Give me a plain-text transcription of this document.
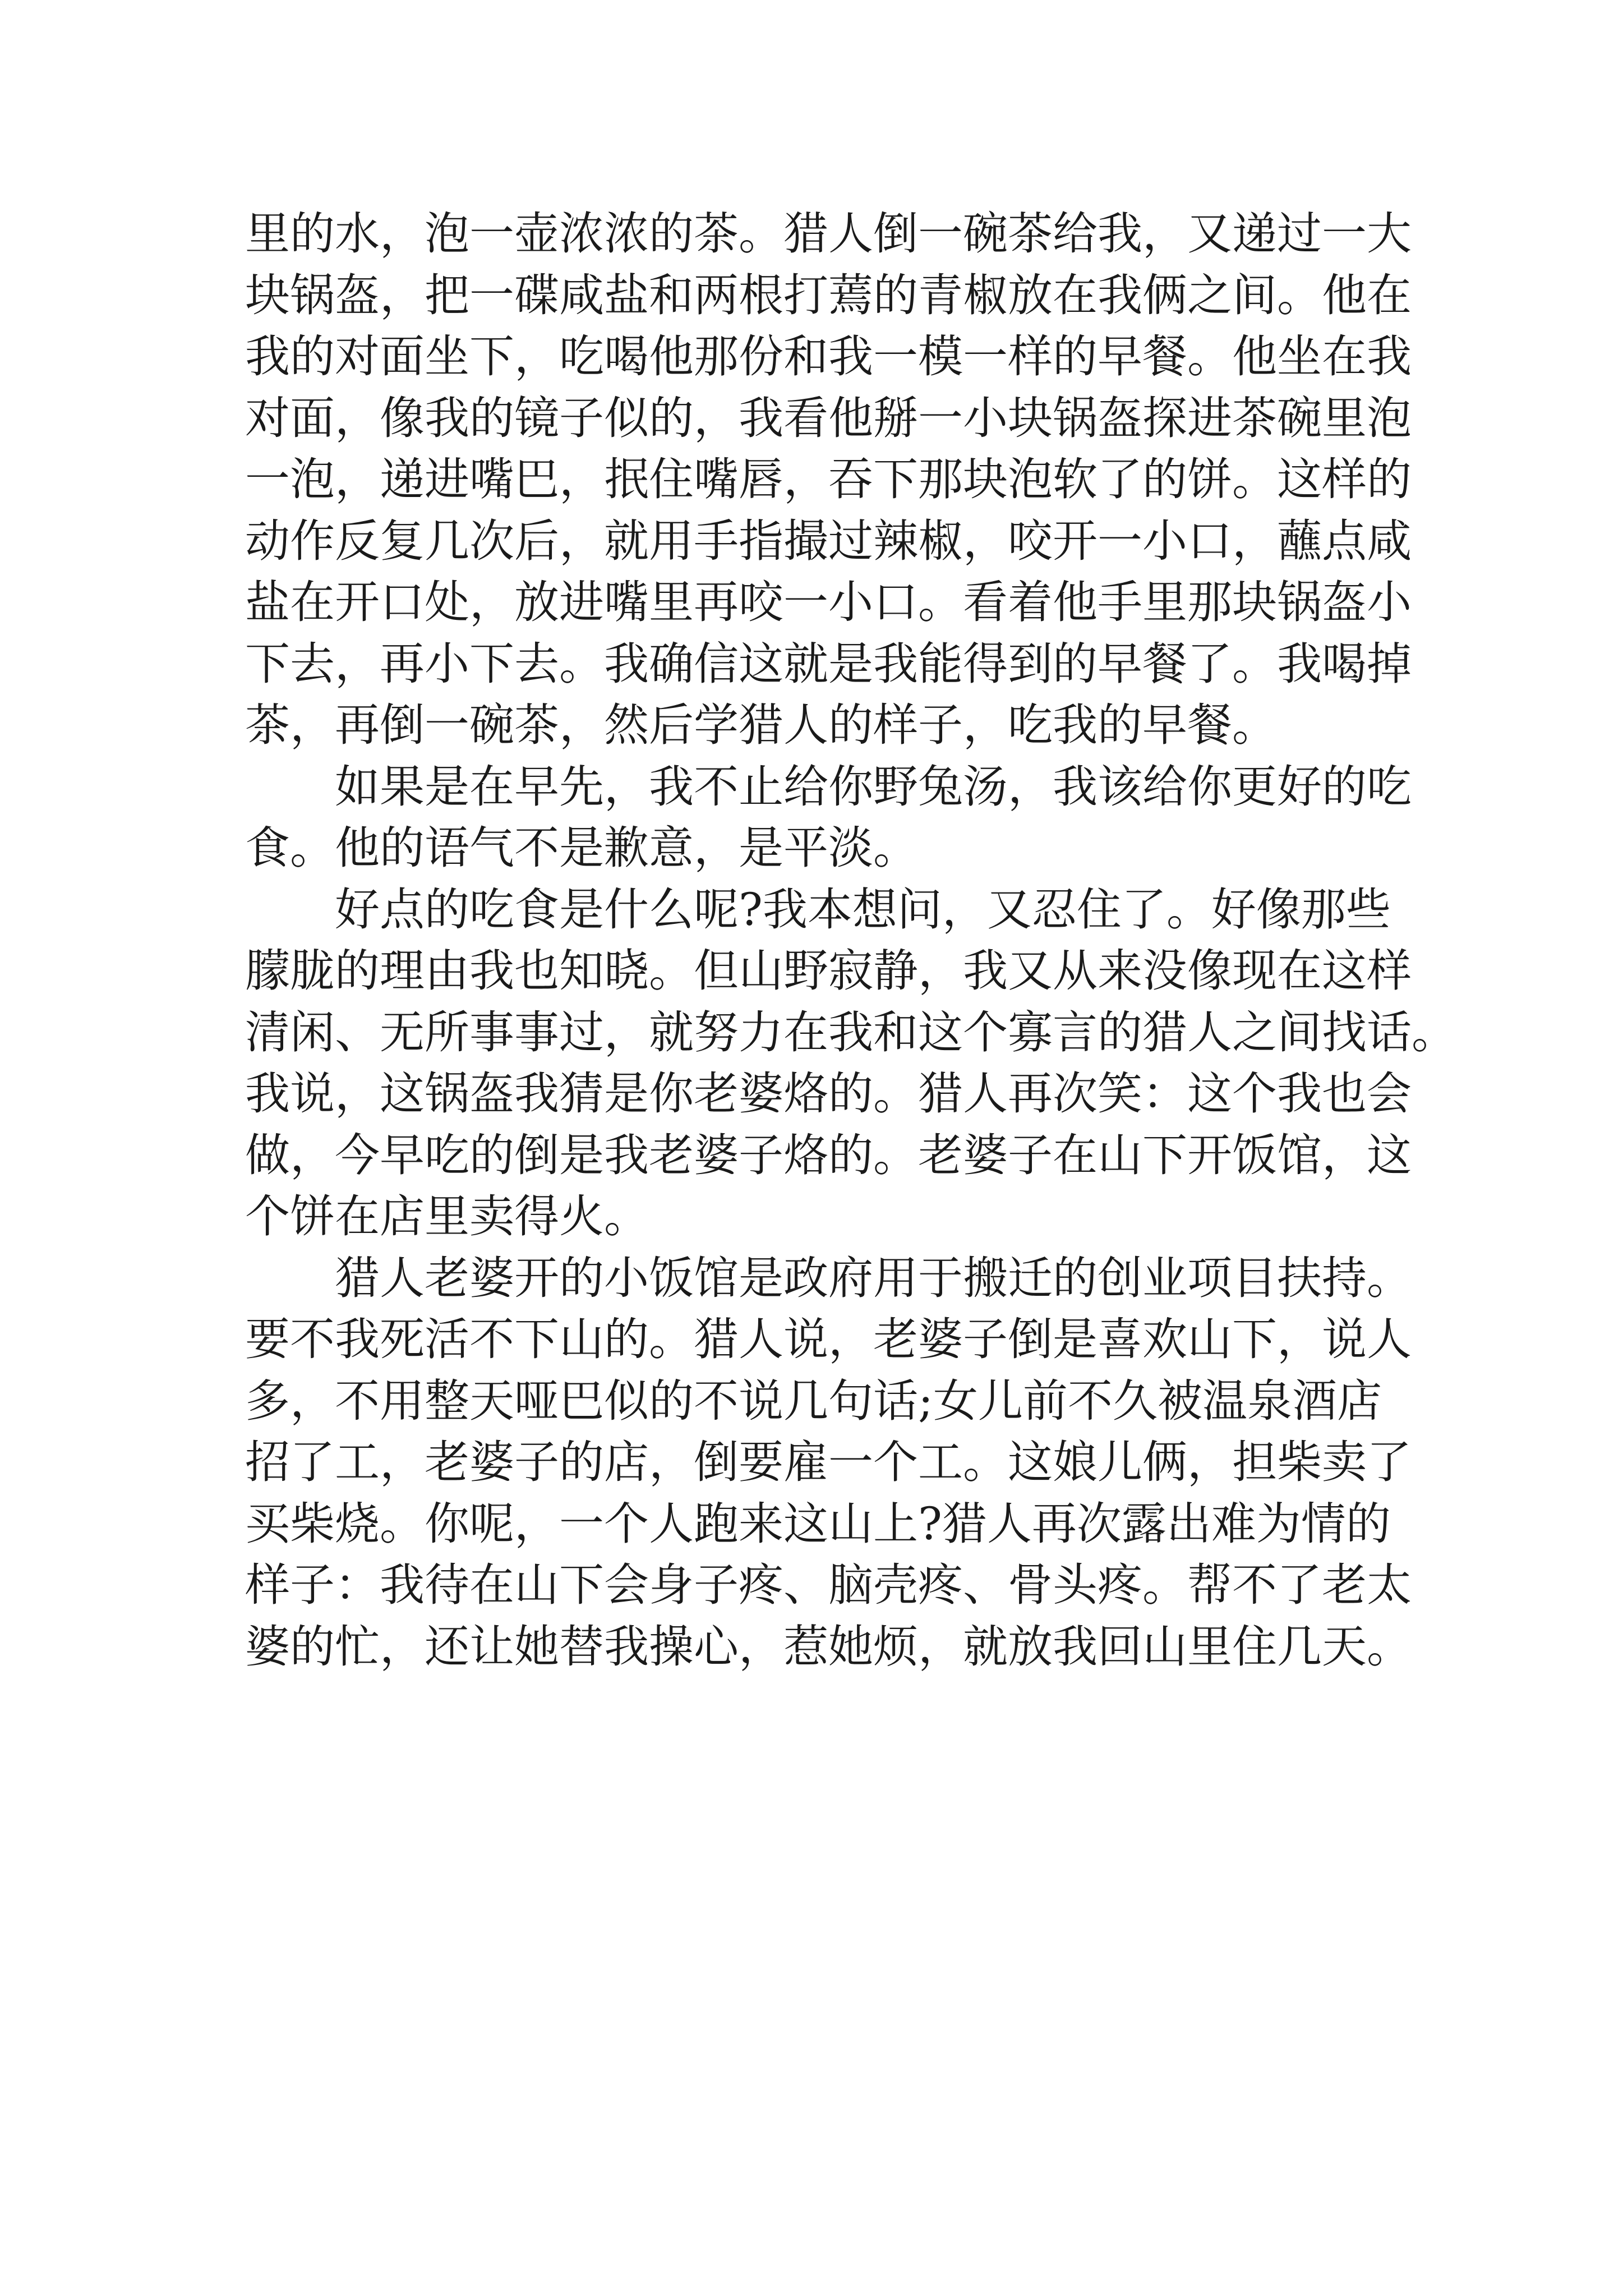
里的水，泡一壶浓浓的茶。猎人倒一碗茶给我，又递过一大
块锅盔，把一碟咸盐和两根打蔫的青椒放在我俩之间。他在
我的对面坐下，吃喝他那份和我一模一样的早餐。他坐在我
对面，像我的镜子似的，我看他掰一小块锅盔探进茶碗里泡
一泡，递进嘴巴，抿住嘴唇，吞下那块泡软了的饼。这样的
动作反复几次后，就用手指撮过辣椒，咬开一小口，蘸点咸
盐在开口处，放进嘴里再咬一小口。看着他手里那块锅盔小
下去，再小下去。我确信这就是我能得到的早餐了。我喝掉
茶，再倒一碗茶，然后学猎人的样子，吃我的早餐。
如果是在早先，我不止给你野兔汤，我该给你更好的吃
食。他的语气不是歉意，是平淡。
好点的吃食是什么呢?我本想问，又忍住了。好像那些
朦胧的理由我也知晓。但山野寂静，我又从来没像现在这样
清闲、无所事事过，就努力在我和这个寡言的猎人之间找话。
我说，这锅盔我猜是你老婆烙的。猎人再次笑：这个我也会
做，今早吃的倒是我老婆子烙的。老婆子在山下开饭馆，这
个饼在店里卖得火。
猎人老婆开的小饭馆是政府用于搬迁的创业项目扶持。
要不我死活不下山的。猎人说，老婆子倒是喜欢山下，说人
多，不用整天哑巴似的不说几句话;女儿前不久被温泉酒店
招了工，老婆子的店，倒要雇一个工。这娘儿俩，担柴卖了
买柴烧。你呢，一个人跑来这山上?猎人再次露出难为情的
样子：我待在山下会身子疼、脑壳疼、骨头疼。帮不了老太
婆的忙，还让她替我操心，惹她烦，就放我回山里住几天。
